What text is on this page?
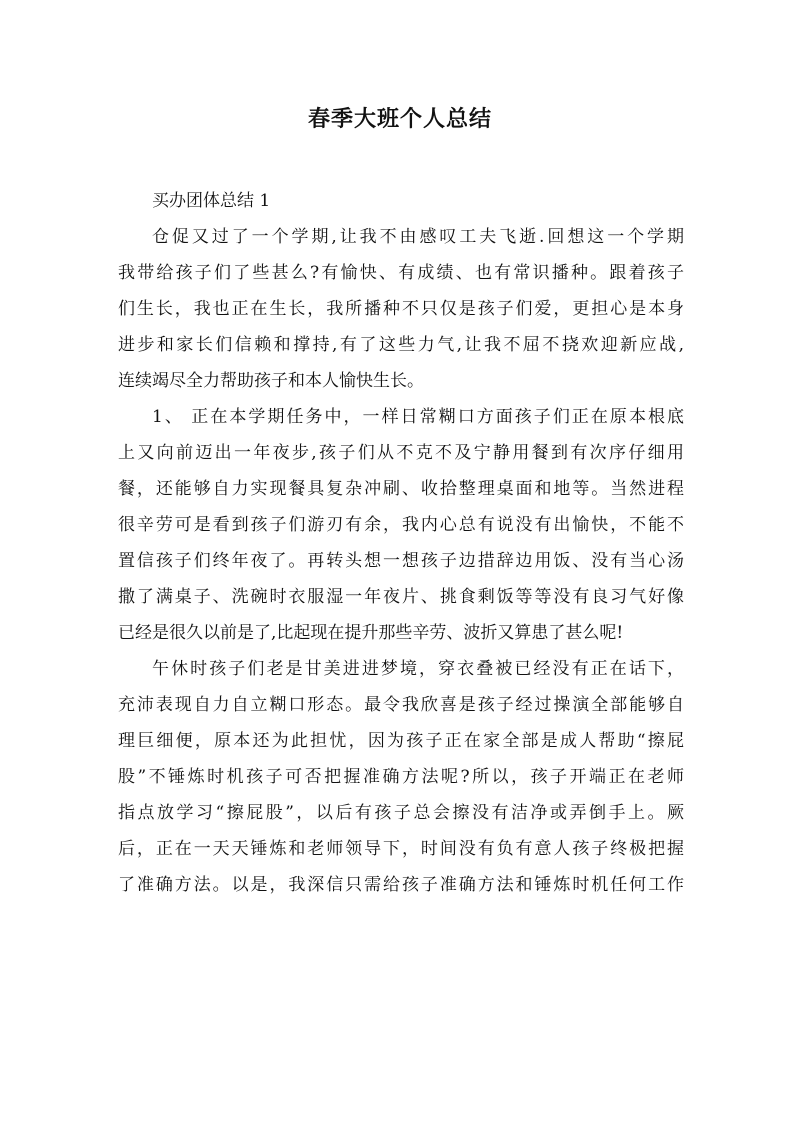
春季大班个人总结
买办团体总结 1
仓促又过了一个学期,让我不由感叹工夫飞逝.回想这一个学期
我带给孩子们了些甚么?有愉快、有成绩、也有常识播种。跟着孩子
们生长，我也正在生长，我所播种不只仅是孩子们爱，更担心是本身
进步和家长们信赖和撑持,有了这些力气,让我不屈不挠欢迎新应战,
连续竭尽全力帮助孩子和本人愉快生长。
1、 正在本学期任务中，一样日常糊口方面孩子们正在原本根底
上又向前迈出一年夜步,孩子们从不克不及宁静用餐到有次序仔细用
餐，还能够自力实现餐具复杂冲刷、收拾整理桌面和地等。当然进程
很辛劳可是看到孩子们游刃有余，我内心总有说没有出愉快，不能不
置信孩子们终年夜了。再转头想一想孩子边措辞边用饭、没有当心汤
撒了满桌子、洗碗时衣服湿一年夜片、挑食剩饭等等没有良习气好像
已经是很久以前是了,比起现在提升那些辛劳、波折又算患了甚么呢!
午休时孩子们老是甘美进进梦境，穿衣叠被已经没有正在话下，
充沛表现自力自立糊口形态。最令我欣喜是孩子经过操演全部能够自
理巨细便，原本还为此担忧，因为孩子正在家全部是成人帮助“擦屁
股”不锤炼时机孩子可否把握准确方法呢?所以，孩子开端正在老师
指点放学习“擦屁股”，以后有孩子总会擦没有洁净或弄倒手上。厥
后，正在一天天锤炼和老师领导下，时间没有负有意人孩子终极把握
了准确方法。以是，我深信只需给孩子准确方法和锤炼时机任何工作
